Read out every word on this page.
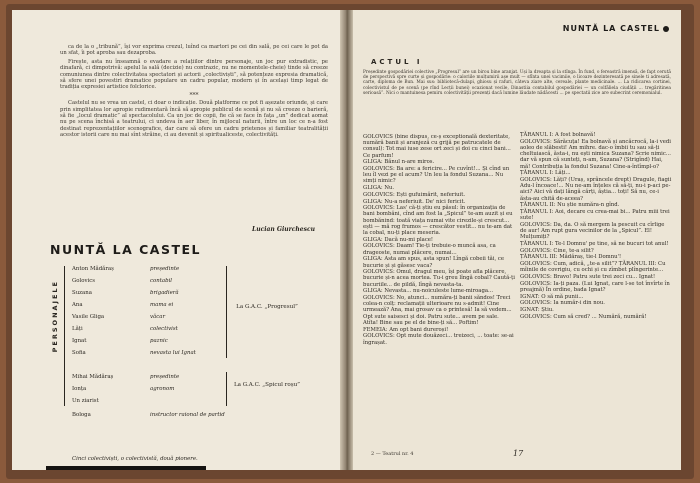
ca de la o „tribună”, își vor exprima crezul, luînd ca martori pe cei din sală, pe cei care le pot da un sfat, îi pot aproba sau dezaproba.

Firește, asta nu înseamnă o evadare a relațiilor dintre personaje, un joc pur extradistic, pe dinafară, ci dimpotrivă: apelul la sală (decizie) nu contrazic, nu ne momentele-cheie) tinde să creeze comuniunea dintre colectivitatea spectatori și actorii „colectiviști”, să potențeze expresia dramatică, să sfere unei povestiri dramatice populare un cadru popular, modern și în același timp legat de tradiția expresiei artistice folclorice.

***

Castelul nu se vrea un castel, ci doar o indicație. Două platforme ce pot fi așezate oriunde, și care prin simplitatea lor apropie rudimentară încă să apropie publicul de scenă și nu să creeze o barieră, să fie „locul dramatic” al spectacolului. Ca un joc de copii, fie că se face în fața „un” dedicat aomat nu pe scena închisă a teatrului, ci undeva în aer liber, în mijlocul naturii, între un loc ce n-a fost destinat reprezentațiilor scenografice, dar care să ofere un cadru prietenos și familiar teatralității acestor istorii care nu mai sînt străine, ci au devenit și spiritualiceste, colectivități.

Lucian Giurchescu
NUNTĂ LA CASTEL
PERSONAJELE
Anton Mădăraș	președinte
Golovics	contabil
Suzana	brigadieră
Ana	mama ei
Vasile Gliga	văcar
Lăți	colectivist
Ignat	paznic
Sofia	nevasta lui Ignat
Mihai Mădăraș	președinte
Ionța	agronom
Un ziarist
Bologa	instructor raional de partid
La G.A.C. „Progresul”
La G.A.C. „Spicul roșu”
Cinci colectiviști, o colectivistă, două pionere.
NUNTĂ LA CASTEL
ACTUL I
Președinte gospodăriei colective „Progresul” are un birou bine aranjat. Uși la dreapta și la stînga. În fund, o fereastră imensă, de fapt cerută de perspectivă spre curte și gospodărie: o caloriile mulțumirii așe mult — sfînta unei vacimiie, o licoare dezinteresată pe sinele ti adresată, carte, diploma de Bun. Mai sus: bibliotecă-dulapi, ghiosu și rafuri, câteva ziare alte, cereale, plante medicinale. ... La ridicarea cortinei, colectivistul de pe scenă (pe rînd Lecții bunei) ocazionat vecile, Dinastiia contabilul gospodăriei — un colfăliela ciudății ... tregăritinea serioasă”. Nici o mantuinesa pemiru colectivității prezenți dacă lumine lăudate nădăcesti ... pe spectatii zice are subecrint ceremonialul.
GOLOVICS (bine dispus, ce-ș exceptională dexteritate, numără banii și aranjeză cu grijă pe patrucatele de consul): Tot mai iuse zese ort zeci și doi cu cinci bani... Ce parfum!
GLIGA: Bănul n-are miros.
GOLOVICS: Ba are: a fericire... Pe cuvînt!... Și cînd un leu îl vezi pe el acum? Un leu la fondul Suzana... Nu simți nimic?
GLIGA: Nu.
GOLOVICS: Ești gufuimărit, neferiuit.
GLIGA: Nu-a neferiuit. De' nici fericit.
GOLOVICS: Las' că-ți știu eu păsul: în organizația de bani bombăni, cînd am fost la „Spicul” te-am auzit și eu bombănind: toată viața numai vite cirezile-și crescut... ești — mă rog frumos — crescător vestit... nu te-am dat la cobal, nu-ți place meseria.
GLIGA: Dacă nu-mi place!
GOLOVICS: Daam! Tie-ți trebuie-o muncă asa, ca drageoste, numai plăcere, numai...
GLIGA: Asta am spus, asta spun! Lîngă cobeii tăi, ce bucurie și și găsesc vaca?
GOLOVICS: Omul, dragul meu, își poate afla plăcere, bucurie și-n acea mortea. Tu-i greu lîngă cobal? Caută-ți bucuriile... de pildă, lîngă nevasta-ta.
GLIGA: Nevasta... nu-noiculeste lume-miroaga...
GOLOVICS: No, atunci... număra-ți banii săndos! Treci colea-n colț: reclamații ulterioare nu s-admit! Cine urmează? Ana, mai grosav ca o printesă! Ia să vedem... Opt sute saisesci și doi. Patru sute... avem pe sale. Atîta! Bine sau pe el de bine-ți să... Poftim!
FEMEIA: Am opt bani dureroși!
GOLOVICS: Opt mute douăzeci... treizeci, ... toate: se-ai îngrașat.
ȚĂRANUL I: A fost bolnavă!
GOLOVICS: Sărăcuța! Ea bolnavă și ancăcrocă, la-i vedi aoleo de slăbesti! Am mihre. dac-o îmbii tu sau să-ți cheltuiască, ăsta-i, nu ești nimica Suzana? Scrie nimic... dar vă spun că sunteți, n-am, Suzana? (Strigînd) Hai, mă! Contribuția la fondul Suzana! Cine-a-întîmpl-o?
ȚĂRANUL I: Lăți...
GOLOVICS: Lăți? (Uraș, sprâncele drept) Dragule, fiagii Adu-l încoace!... Nu ne-am înțeles că să-ți, nu-i p-aci pe-aici? Aici vă dați lângă cărți, ăștia... toți! Să nu, ce-i ăsta-au chită de-aceea?
ȚĂRANUL II: Nu știe număra-n gînd.
ȚĂRANUL I: Aoi, decare cu crea-mai bi... Patru miii trei sute!
GOLOVICS: Da, da. O să mergem la pescuit cu cîrlige de aur! Am rupt gura vecinilor de la „Spicul”. El! Mulțumiți?
ȚĂRANUL I: Te-l Domnu' pe tine, să ne bucuri tot anul!
GOLOVICS: Cine, te-a silit?
ȚĂRANUL III: Mădăraș, tie-l Domnu'!
GOLOVICS: Cum, adică, „te-a silit”? ȚĂRANUL III: Cu mîinile de covrigiu, cu ochi și cu zîmbet plîngerinte...
GOLOVICS: Bravo! Patru sute trei zeci cu... Ignat!
GOLOVICS: Ia-ți paza. (Lui Ignat, care l-se tot învîrte în preajmă) În ordine, bada Ignat?
IGNAT: O să mă punii...
GOLOVICS: Ia număr-i din nou.
IGNAT: Știu.
GOLOVICS: Cum să cred? ... Numără, numără!
2 — Teatrul nr. 4	17
